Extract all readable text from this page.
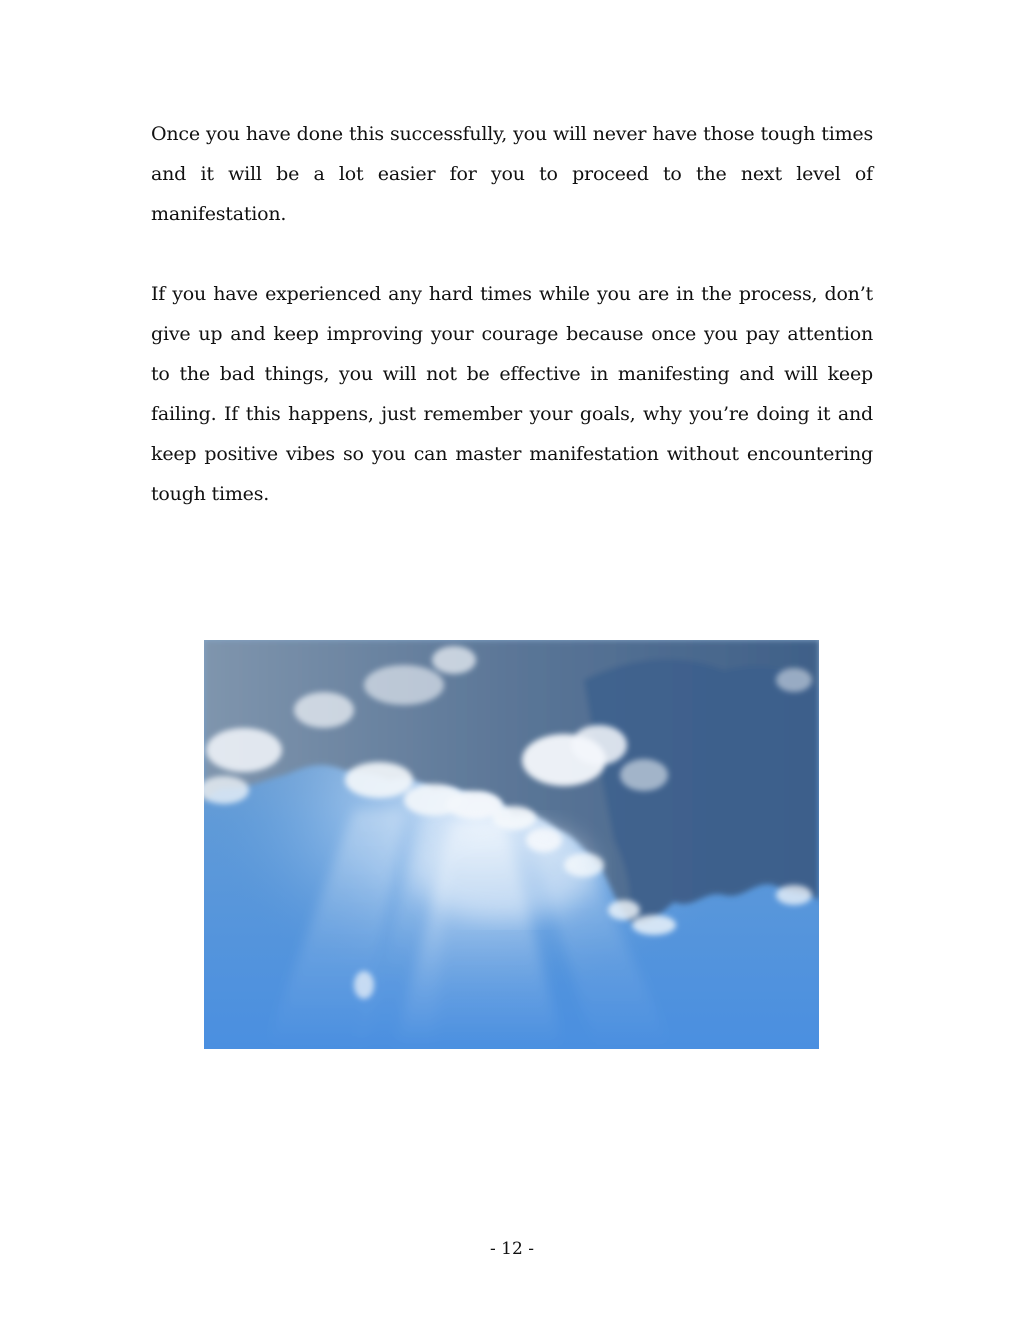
Once you have done this successfully, you will never have those tough times and it will be a lot easier for you to proceed to the next level of manifestation.

If you have experienced any hard times while you are in the process, don’t give up and keep improving your courage because once you pay attention to the bad things, you will not be effective in manifesting and will keep failing. If this happens, just remember your goals, why you’re doing it and keep positive vibes so you can master manifestation without encountering tough times.

- 12 -
